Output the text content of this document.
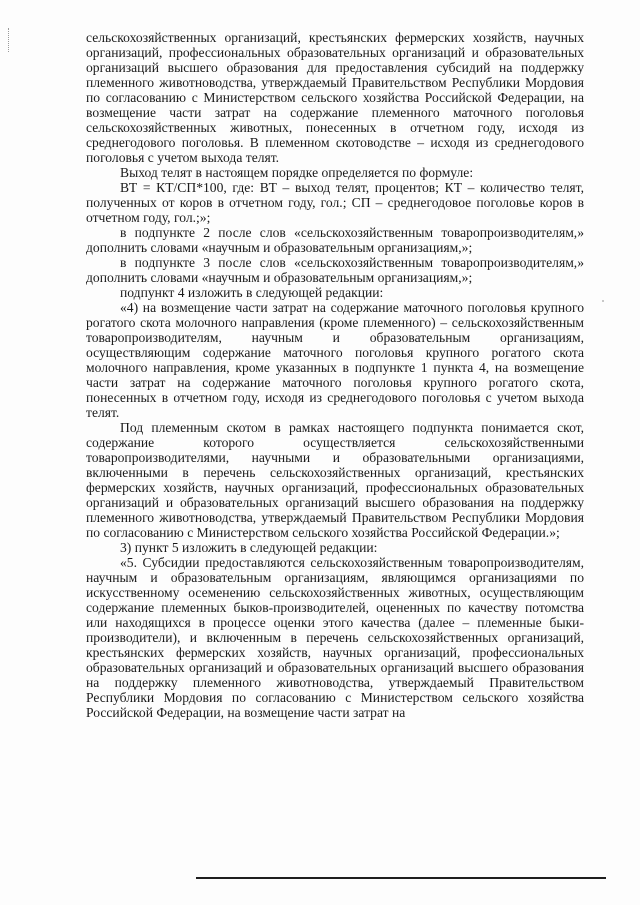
сельскохозяйственных организаций, крестьянских фермерских хозяйств, научных организаций, профессиональных образовательных организаций и образовательных организаций высшего образования для предоставления субсидий на поддержку племенного животноводства, утверждаемый Правительством Республики Мордовия по согласованию с Министерством сельского хозяйства Российской Федерации, на возмещение части затрат на содержание племенного маточного поголовья сельскохозяйственных животных, понесенных в отчетном году, исходя из среднегодового поголовья. В племенном скотоводстве – исходя из среднегодового поголовья с учетом выхода телят.

Выход телят в настоящем порядке определяется по формуле:

ВТ = КТ/СП*100, где: ВТ – выход телят, процентов; КТ – количество телят, полученных от коров в отчетном году, гол.; СП – среднегодовое поголовье коров в отчетном году, гол.;»;

в подпункте 2 после слов «сельскохозяйственным товаропроизводителям,» дополнить словами «научным и образовательным организациям,»;

в подпункте 3 после слов «сельскохозяйственным товаропроизводителям,» дополнить словами «научным и образовательным организациям,»;

подпункт 4 изложить в следующей редакции:

«4) на возмещение части затрат на содержание маточного поголовья крупного рогатого скота молочного направления (кроме племенного) – сельскохозяйственным товаропроизводителям, научным и образовательным организациям, осуществляющим содержание маточного поголовья крупного рогатого скота молочного направления, кроме указанных в подпункте 1 пункта 4, на возмещение части затрат на содержание маточного поголовья крупного рогатого скота, понесенных в отчетном году, исходя из среднегодового поголовья с учетом выхода телят.

Под племенным скотом в рамках настоящего подпункта понимается скот, содержание которого осуществляется сельскохозяйственными товаропроизводителями, научными и образовательными организациями, включенными в перечень сельскохозяйственных организаций, крестьянских фермерских хозяйств, научных организаций, профессиональных образовательных организаций и образовательных организаций высшего образования на поддержку племенного животноводства, утверждаемый Правительством Республики Мордовия по согласованию с Министерством сельского хозяйства Российской Федерации.»;

3) пункт 5 изложить в следующей редакции:

«5. Субсидии предоставляются сельскохозяйственным товаропроизводителям, научным и образовательным организациям, являющимся организациями по искусственному осеменению сельскохозяйственных животных, осуществляющим содержание племенных быков-производителей, оцененных по качеству потомства или находящихся в процессе оценки этого качества (далее – племенные быки-производители), и включенным в перечень сельскохозяйственных организаций, крестьянских фермерских хозяйств, научных организаций, профессиональных образовательных организаций и образовательных организаций высшего образования на поддержку племенного животноводства, утверждаемый Правительством Республики Мордовия по согласованию с Министерством сельского хозяйства Российской Федерации, на возмещение части затрат на
